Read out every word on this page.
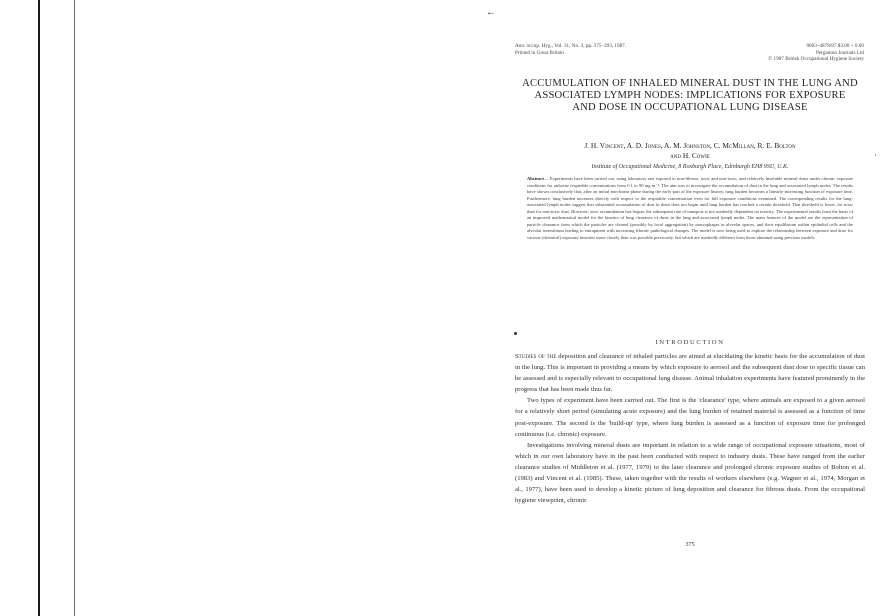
←
·
Ann. occup. Hyg., Vol. 31, No. 3, pp. 375–393, 1987.
Printed in Great Britain
0003–4878/87 $3.00 + 0.00
Pergamon Journals Ltd
© 1987 British Occupational Hygiene Society
ACCUMULATION OF INHALED MINERAL DUST IN THE LUNG AND ASSOCIATED LYMPH NODES: IMPLICATIONS FOR EXPOSURE AND DOSE IN OCCUPATIONAL LUNG DISEASE
J. H. Vincent, A. D. Jones, A. M. Johnston, C. McMillan, R. E. Bolton
and H. Cowie
Institute of Occupational Medicine, 8 Roxburgh Place, Edinburgh EH8 9SU, U.K.
Abstract— Experiments have been carried out, using laboratory rats exposed to non-fibrous, toxic and non-toxic, and relatively insoluble mineral dusts under chronic exposure conditions for airborne respirable concentrations from 0.1 to 90 mg m⁻³. The aim was to investigate the accumulation of dust in the lung and associated lymph nodes. The results have shown conclusively that, after an initial non-linear phase during the early part of the exposure history, lung burden becomes a linearly-increasing function of exposure time. Furthermore, lung burden increases directly with respect to the respirable concentration even for full exposure conditions examined. The corresponding results for the lung-associated lymph nodes suggest that substantial accumulation of dust in them does not begin until lung burden has reached a certain threshold. That threshold is lower, for toxic than for non-toxic dust. However, once accumulation has begun, the subsequent rate of transport is not markedly dependent on toxicity. The experimental results form the basis of an improved mathematical model for the kinetics of lung clearance of dusts in the lung and associated lymph nodes. The main features of the model are the representation of particle clearance from which the particles are cleared (possibly by local aggregation) by macrophages in alveolar spaces, and their equilibrium within epithelial cells and the alveolar interstitium leading to entrapment with increasing fibrotic pathological changes. The model is now being used to explore the relationship between exposure and dose for various (chemical) exposure histories more closely than was possible previously, but which are markedly different from those obtained using previous models.
INTRODUCTION

Studies of the deposition and clearance of inhaled particles are aimed at elucidating the kinetic basis for the accumulation of dust in the lung. This is important in providing a means by which exposure to aerosol and the subsequent dust dose to specific tissue can be assessed and is especially relevant to occupational lung disease. Animal inhalation experiments have featured prominently in the progress that has been made thus far.

Two types of experiment have been carried out. The first is the 'clearance' type, where animals are exposed to a given aerosol for a relatively short period (simulating acute exposure) and the lung burden of retained material is assessed as a function of time post-exposure. The second is the 'build-up' type, where lung burden is assessed as a function of exposure time for prolonged continuous (i.e. chronic) exposure.

Investigations involving mineral dusts are important in relation to a wide range of occupational exposure situations, most of which in our own laboratory have in the past been conducted with respect to industry dusts. These have ranged from the earlier clearance studies of Middleton et al. (1977, 1979) to the later clearance and prolonged chronic exposure studies of Bolton et al. (1983) and Vincent et al. (1985). These, taken together with the results of workers elsewhere (e.g. Wagner et al., 1974, Morgan et al., 1977), have been used to develop a kinetic picture of lung deposition and clearance for fibrous dusts. From the occupational hygiene viewpoint, chronic

375
